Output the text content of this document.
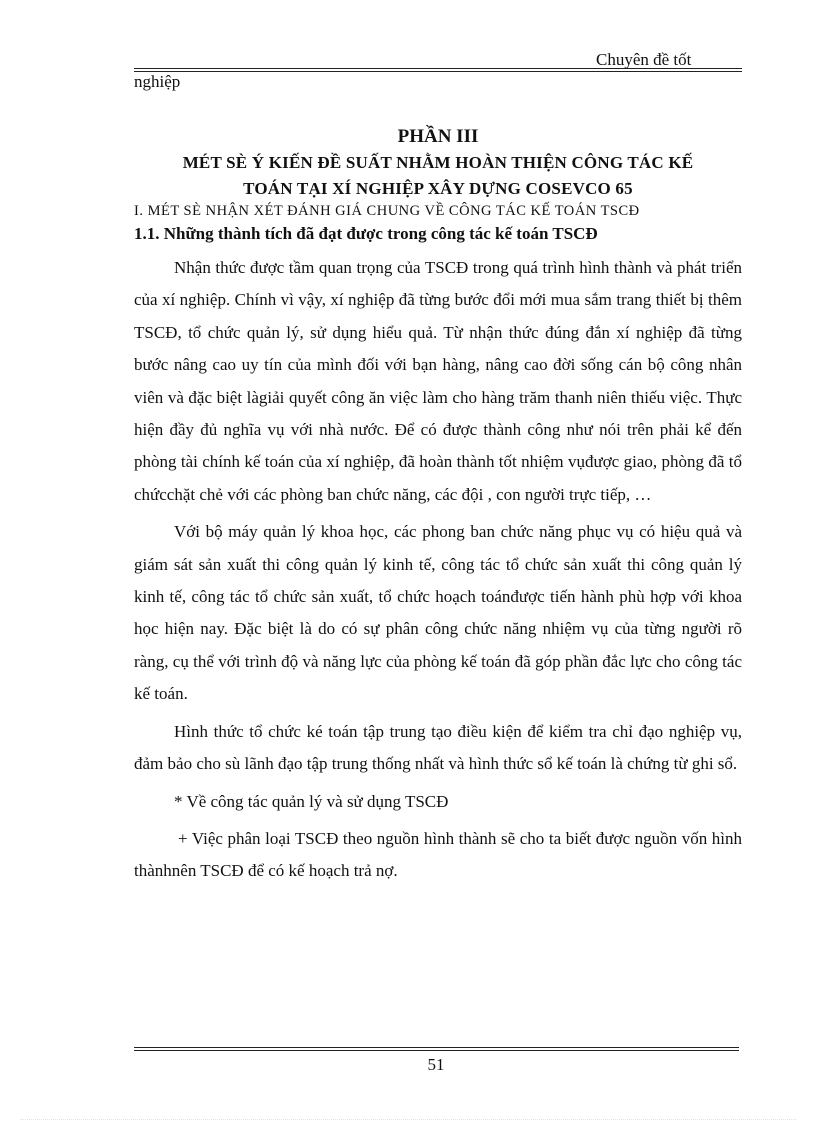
Chuyên đề tốt
nghiệp

PHẦN III

MÉT SÈ Ý KIẾN ĐỀ SUẤT NHẰM HOÀN THIỆN CÔNG TÁC KẾ

TOÁN TẠI XÍ NGHIỆP XÂY DỰNG COSEVCO 65

I. MÉT SÈ NHẬN XÉT ĐÁNH GIÁ CHUNG VỀ CÔNG TÁC KẾ TOÁN TSCĐ

1.1. Những thành tích đã đạt được trong công tác kế toán TSCĐ

Nhận thức được tầm quan trọng của TSCĐ trong quá trình hình thành và phát triển của xí nghiệp. Chính vì vậy, xí nghiệp đã từng bước đổi mới mua sắm trang thiết bị thêm TSCĐ, tổ chức quản lý, sử dụng hiểu quả. Từ nhận thức đúng đắn xí nghiệp đã từng bước nâng cao uy tín của mình đối với bạn hàng, nâng cao đời sống cán bộ công nhân viên và đặc biệt làgiải quyết công ăn việc làm cho hàng trăm thanh niên thiếu việc. Thực hiện đầy đủ nghĩa vụ với nhà nước. Để có được thành công như nói trên phải kể đến phòng tài chính kế toán của xí nghiệp, đã hoàn thành tốt nhiệm vụđược giao, phòng đã tổ chứcchặt chẻ với các phòng ban chức năng, các đội , con người trực tiếp, …

Với bộ máy quản lý khoa học, các phong ban chức năng phục vụ có hiệu quả và giám sát sản xuất thi công quản lý kinh tế, công tác tổ chức sản xuất thi công quản lý kinh tế, công tác tổ chức sản xuất, tổ chức hoạch toánđược tiến hành phù hợp với khoa học hiện nay. Đặc biệt là do có sự phân công chức năng nhiệm vụ của từng người rõ ràng, cụ thể với trình độ và năng lực của phòng kế toán đã góp phần đắc lực cho công tác kế toán.

Hình thức tổ chức ké toán tập trung tạo điều kiện để kiểm tra chỉ đạo nghiệp vụ, đảm bảo cho sù lãnh đạo tập trung thống nhất và hình thức sổ kế toán là chứng từ ghi sổ.

* Về công tác quản lý và sử dụng TSCĐ

+ Việc phân loại TSCĐ theo nguồn hình thành sẽ cho ta biết được nguồn vốn hình thànhnên TSCĐ để có kế hoạch trả nợ.

51
